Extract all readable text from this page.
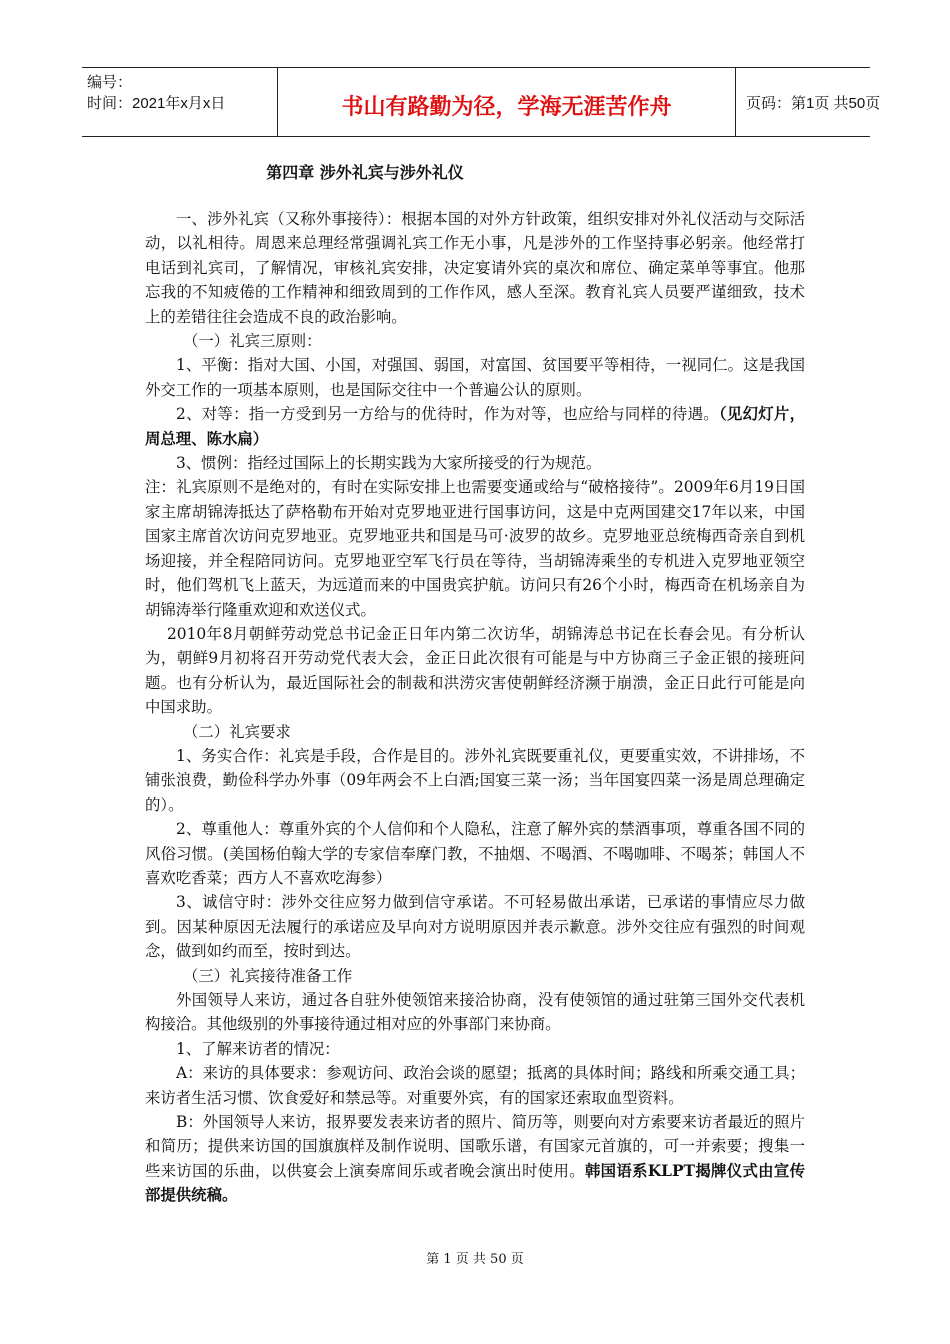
编号：
时间：2021年x月x日	书山有路勤为径，学海无涯苦作舟	页码：第1页 共50页
第四章 涉外礼宾与涉外礼仪

一、涉外礼宾（又称外事接待）：根据本国的对外方针政策，组织安排对外礼仪活动与交际活动，以礼相待。周恩来总理经常强调礼宾工作无小事，凡是涉外的工作坚持事必躬亲。他经常打电话到礼宾司，了解情况，审核礼宾安排，决定宴请外宾的桌次和席位、确定菜单等事宜。他那忘我的不知疲倦的工作精神和细致周到的工作作风，感人至深。教育礼宾人员要严谨细致，技术上的差错往往会造成不良的政治影响。

（一）礼宾三原则：

1、平衡：指对大国、小国，对强国、弱国，对富国、贫国要平等相待，一视同仁。这是我国外交工作的一项基本原则，也是国际交往中一个普遍公认的原则。

2、对等：指一方受到另一方给与的优待时，作为对等，也应给与同样的待遇。（见幻灯片， 周总理、陈水扁）

3、惯例：指经过国际上的长期实践为大家所接受的行为规范。

注：礼宾原则不是绝对的，有时在实际安排上也需要变通或给与“破格接待”。2009年6月19日国家主席胡锦涛抵达了萨格勒布开始对克罗地亚进行国事访问，这是中克两国建交17年以来，中国国家主席首次访问克罗地亚。克罗地亚共和国是马可·波罗的故乡。克罗地亚总统梅西奇亲自到机场迎接，并全程陪同访问。克罗地亚空军飞行员在等待，当胡锦涛乘坐的专机进入克罗地亚领空时，他们驾机飞上蓝天，为远道而来的中国贵宾护航。访问只有26个小时，梅西奇在机场亲自为胡锦涛举行隆重欢迎和欢送仪式。

2010年8月朝鲜劳动党总书记金正日年内第二次访华，胡锦涛总书记在长春会见。有分析认为，朝鲜9月初将召开劳动党代表大会，金正日此次很有可能是与中方协商三子金正银的接班问题。也有分析认为，最近国际社会的制裁和洪涝灾害使朝鲜经济濒于崩溃，金正日此行可能是向中国求助。

（二）礼宾要求

1、务实合作：礼宾是手段，合作是目的。涉外礼宾既要重礼仪，更要重实效，不讲排场，不铺张浪费，勤俭科学办外事（09年两会不上白酒;国宴三菜一汤；当年国宴四菜一汤是周总理确定的）。

2、尊重他人：尊重外宾的个人信仰和个人隐私，注意了解外宾的禁酒事项，尊重各国不同的风俗习惯。(美国杨伯翰大学的专家信奉摩门教，不抽烟、不喝酒、不喝咖啡、不喝茶；韩国人不喜欢吃香菜；西方人不喜欢吃海参）

3、诚信守时：涉外交往应努力做到信守承诺。不可轻易做出承诺，已承诺的事情应尽力做到。因某种原因无法履行的承诺应及早向对方说明原因并表示歉意。涉外交往应有强烈的时间观念，做到如约而至，按时到达。

（三）礼宾接待准备工作

外国领导人来访，通过各自驻外使领馆来接洽协商，没有使领馆的通过驻第三国外交代表机构接洽。其他级别的外事接待通过相对应的外事部门来协商。

1、了解来访者的情况：

A：来访的具体要求：参观访问、政治会谈的愿望；抵离的具体时间；路线和所乘交通工具；来访者生活习惯、饮食爱好和禁忌等。对重要外宾，有的国家还索取血型资料。

B：外国领导人来访，报界要发表来访者的照片、简历等，则要向对方索要来访者最近的照片和简历；提供来访国的国旗旗样及制作说明、国歌乐谱，有国家元首旗的，可一并索要；搜集一些来访国的乐曲，以供宴会上演奏席间乐或者晚会演出时使用。韩国语系KLPT揭牌仪式由宣传部提供统稿。

第 1 页 共 50 页
